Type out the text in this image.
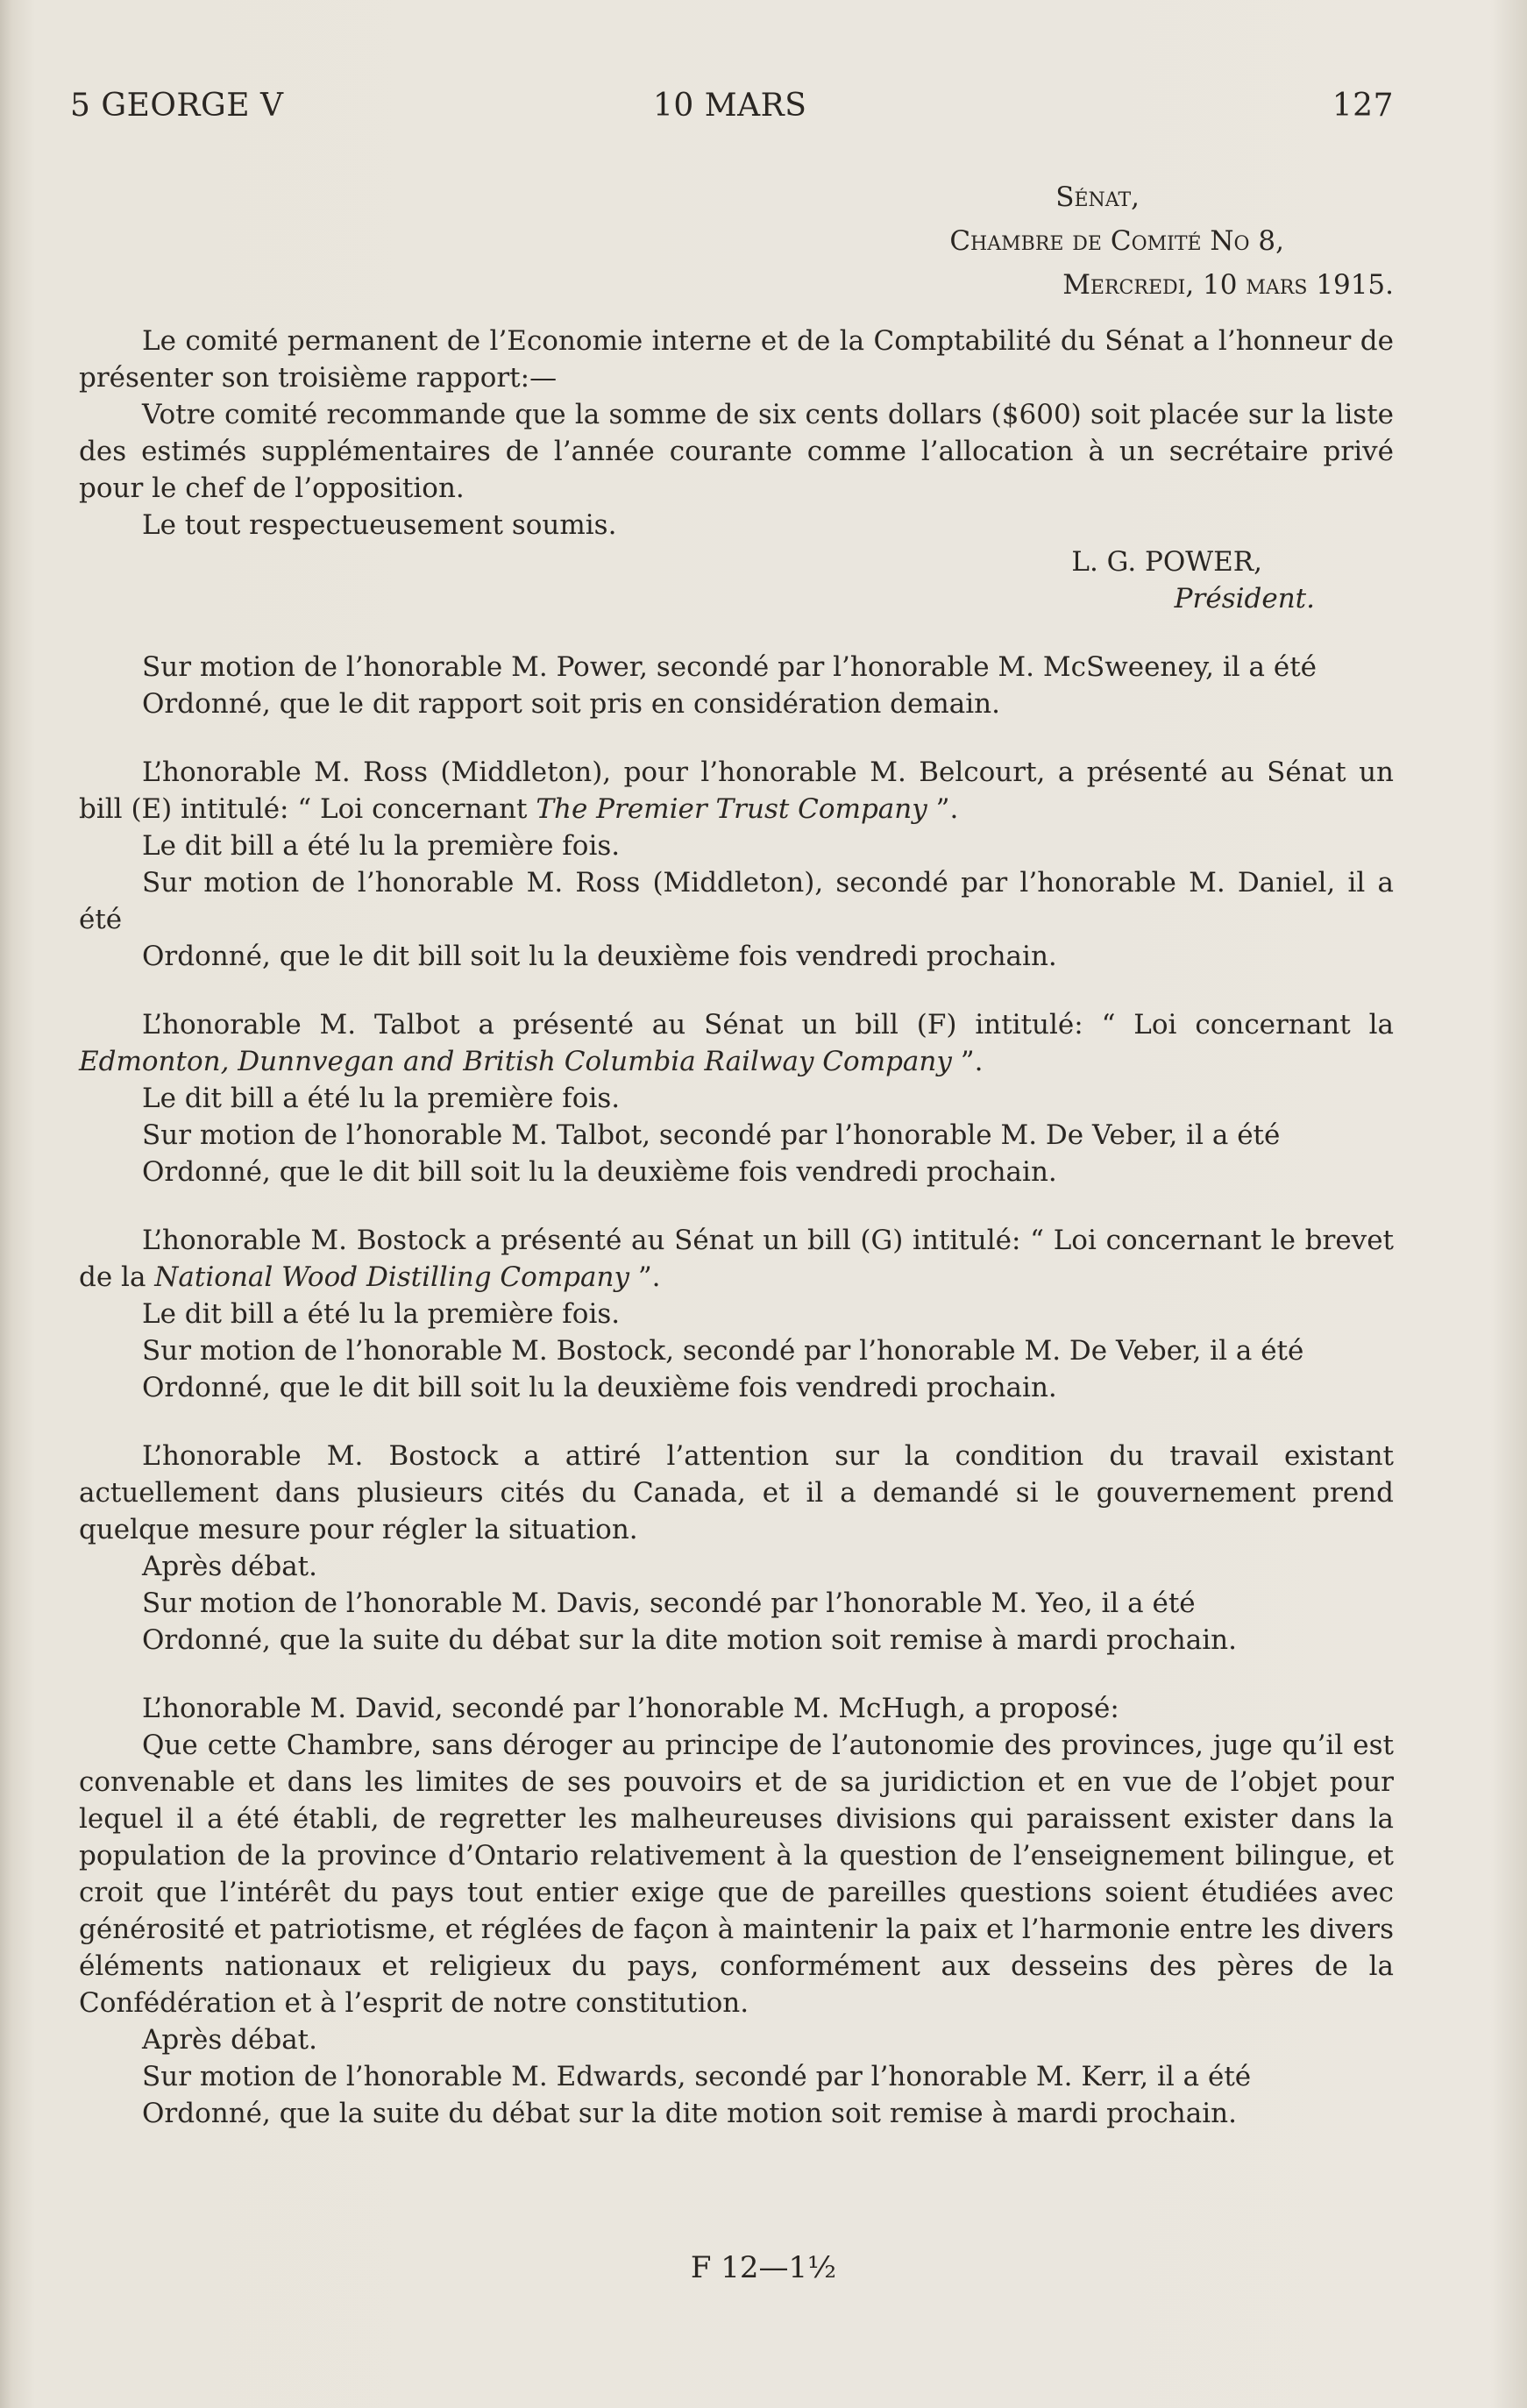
5 GEORGE V	10 MARS	127
Sénat,
Chambre de Comité No 8,
Mercredi, 10 mars 1915.

Le comité permanent de l’Economie interne et de la Comptabilité du Sénat a l’honneur de présenter son troisième rapport:—

Votre comité recommande que la somme de six cents dollars ($600) soit placée sur la liste des estimés supplémentaires de l’année courante comme l’allocation à un secrétaire privé pour le chef de l’opposition.

Le tout respectueusement soumis.

L. G. POWER,
Président.

Sur motion de l’honorable M. Power, secondé par l’honorable M. McSweeney, il a été

Ordonné, que le dit rapport soit pris en considération demain.

L’honorable M. Ross (Middleton), pour l’honorable M. Belcourt, a présenté au Sénat un bill (E) intitulé: “ Loi concernant The Premier Trust Company ”.

Le dit bill a été lu la première fois.

Sur motion de l’honorable M. Ross (Middleton), secondé par l’honorable M. Daniel, il a été

Ordonné, que le dit bill soit lu la deuxième fois vendredi prochain.

L’honorable M. Talbot a présenté au Sénat un bill (F) intitulé: “ Loi concernant la Edmonton, Dunnvegan and British Columbia Railway Company ”.

Le dit bill a été lu la première fois.

Sur motion de l’honorable M. Talbot, secondé par l’honorable M. De Veber, il a été

Ordonné, que le dit bill soit lu la deuxième fois vendredi prochain.

L’honorable M. Bostock a présenté au Sénat un bill (G) intitulé: “ Loi concernant le brevet de la National Wood Distilling Company ”.

Le dit bill a été lu la première fois.

Sur motion de l’honorable M. Bostock, secondé par l’honorable M. De Veber, il a été

Ordonné, que le dit bill soit lu la deuxième fois vendredi prochain.

L’honorable M. Bostock a attiré l’attention sur la condition du travail existant actuellement dans plusieurs cités du Canada, et il a demandé si le gouvernement prend quelque mesure pour régler la situation.

Après débat.

Sur motion de l’honorable M. Davis, secondé par l’honorable M. Yeo, il a été

Ordonné, que la suite du débat sur la dite motion soit remise à mardi prochain.

L’honorable M. David, secondé par l’honorable M. McHugh, a proposé:

Que cette Chambre, sans déroger au principe de l’autonomie des provinces, juge qu’il est convenable et dans les limites de ses pouvoirs et de sa juridiction et en vue de l’objet pour lequel il a été établi, de regretter les malheureuses divisions qui paraissent exister dans la population de la province d’Ontario relativement à la question de l’enseignement bilingue, et croit que l’intérêt du pays tout entier exige que de pareilles questions soient étudiées avec générosité et patriotisme, et réglées de façon à maintenir la paix et l’harmonie entre les divers éléments nationaux et religieux du pays, conformément aux desseins des pères de la Confédération et à l’esprit de notre constitution.

Après débat.

Sur motion de l’honorable M. Edwards, secondé par l’honorable M. Kerr, il a été

Ordonné, que la suite du débat sur la dite motion soit remise à mardi prochain.

F 12—1½
